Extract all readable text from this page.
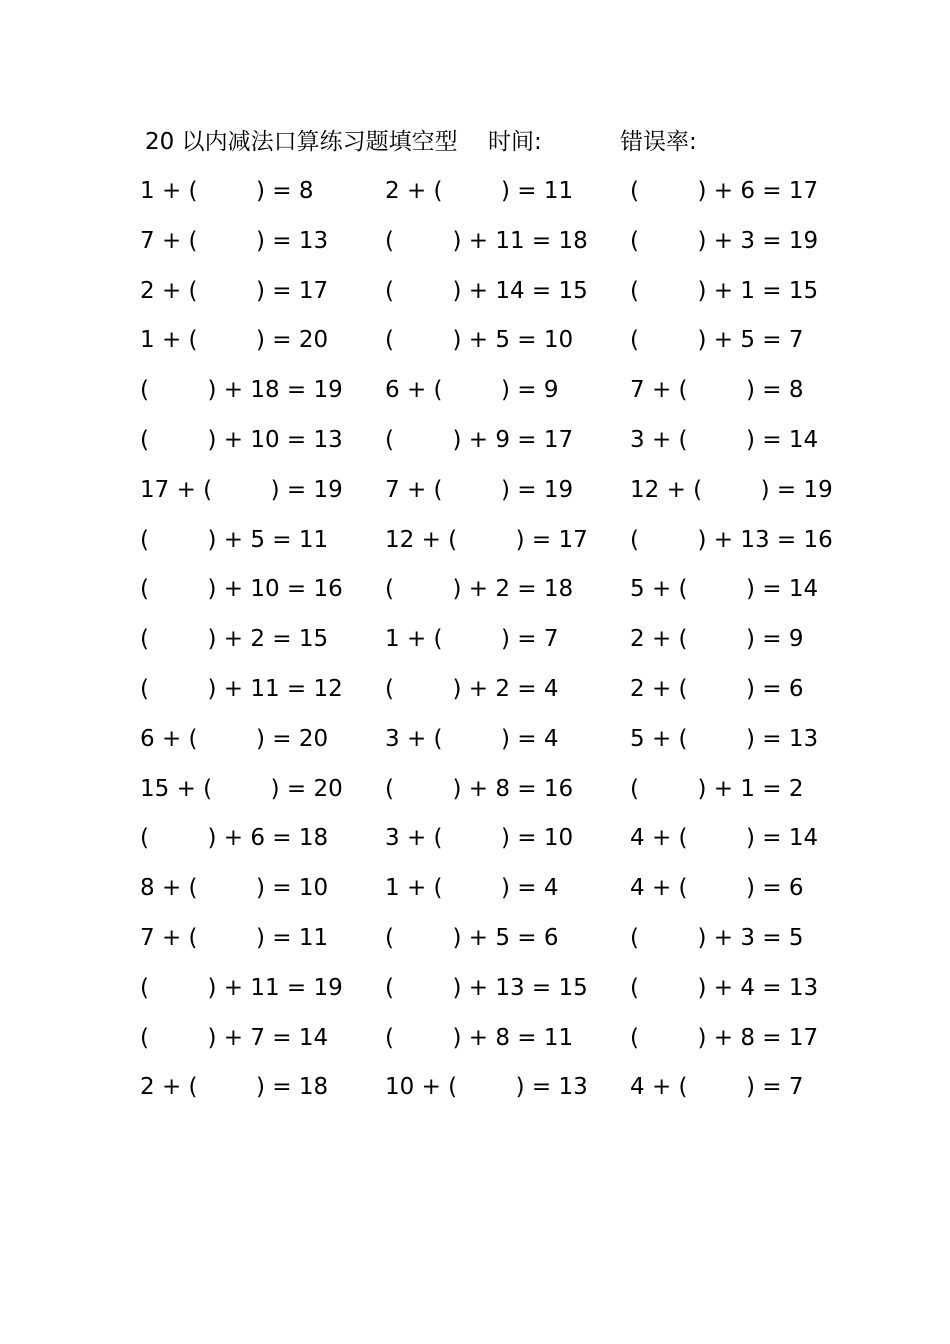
20 以内减法口算练习题填空型 时间:	错误率:
1 + (        ) = 8	2 + (        ) = 11 (        ) + 6 = 17
7 + (        ) = 13 (        ) + 11 = 18 (        ) + 3 = 19
2 + (        ) = 17 (        ) + 14 = 15 (        ) + 1 = 15
1 + (        ) = 20 (        ) + 5 = 10 (        ) + 5 = 7
(        ) + 18 = 19 6 + (        ) = 9	7 + (        ) = 8
(        ) + 10 = 13 (        ) + 9 = 17 3 + (        ) = 14
17 + (        ) = 19 7 + (        ) = 19 12 + (        ) = 19
(        ) + 5 = 11 12 + (        ) = 17 (        ) + 13 = 16
(        ) + 10 = 16 (        ) + 2 = 18 5 + (        ) = 14
(        ) + 2 = 15 1 + (        ) = 7	2 + (        ) = 9
(        ) + 11 = 12 (        ) + 2 = 4	2 + (        ) = 6
6 + (        ) = 20 3 + (        ) = 4	5 + (        ) = 13
15 + (        ) = 20 (        ) + 8 = 16 (        ) + 1 = 2
(        ) + 6 = 18 3 + (        ) = 10 4 + (        ) = 14
8 + (        ) = 10 1 + (        ) = 4	4 + (        ) = 6
7 + (        ) = 11 (        ) + 5 = 6	(        ) + 3 = 5
(        ) + 11 = 19 (        ) + 13 = 15 (        ) + 4 = 13
(        ) + 7 = 14 (        ) + 8 = 11 (        ) + 8 = 17
2 + (        ) = 18 10 + (        ) = 13 4 + (        ) = 7
